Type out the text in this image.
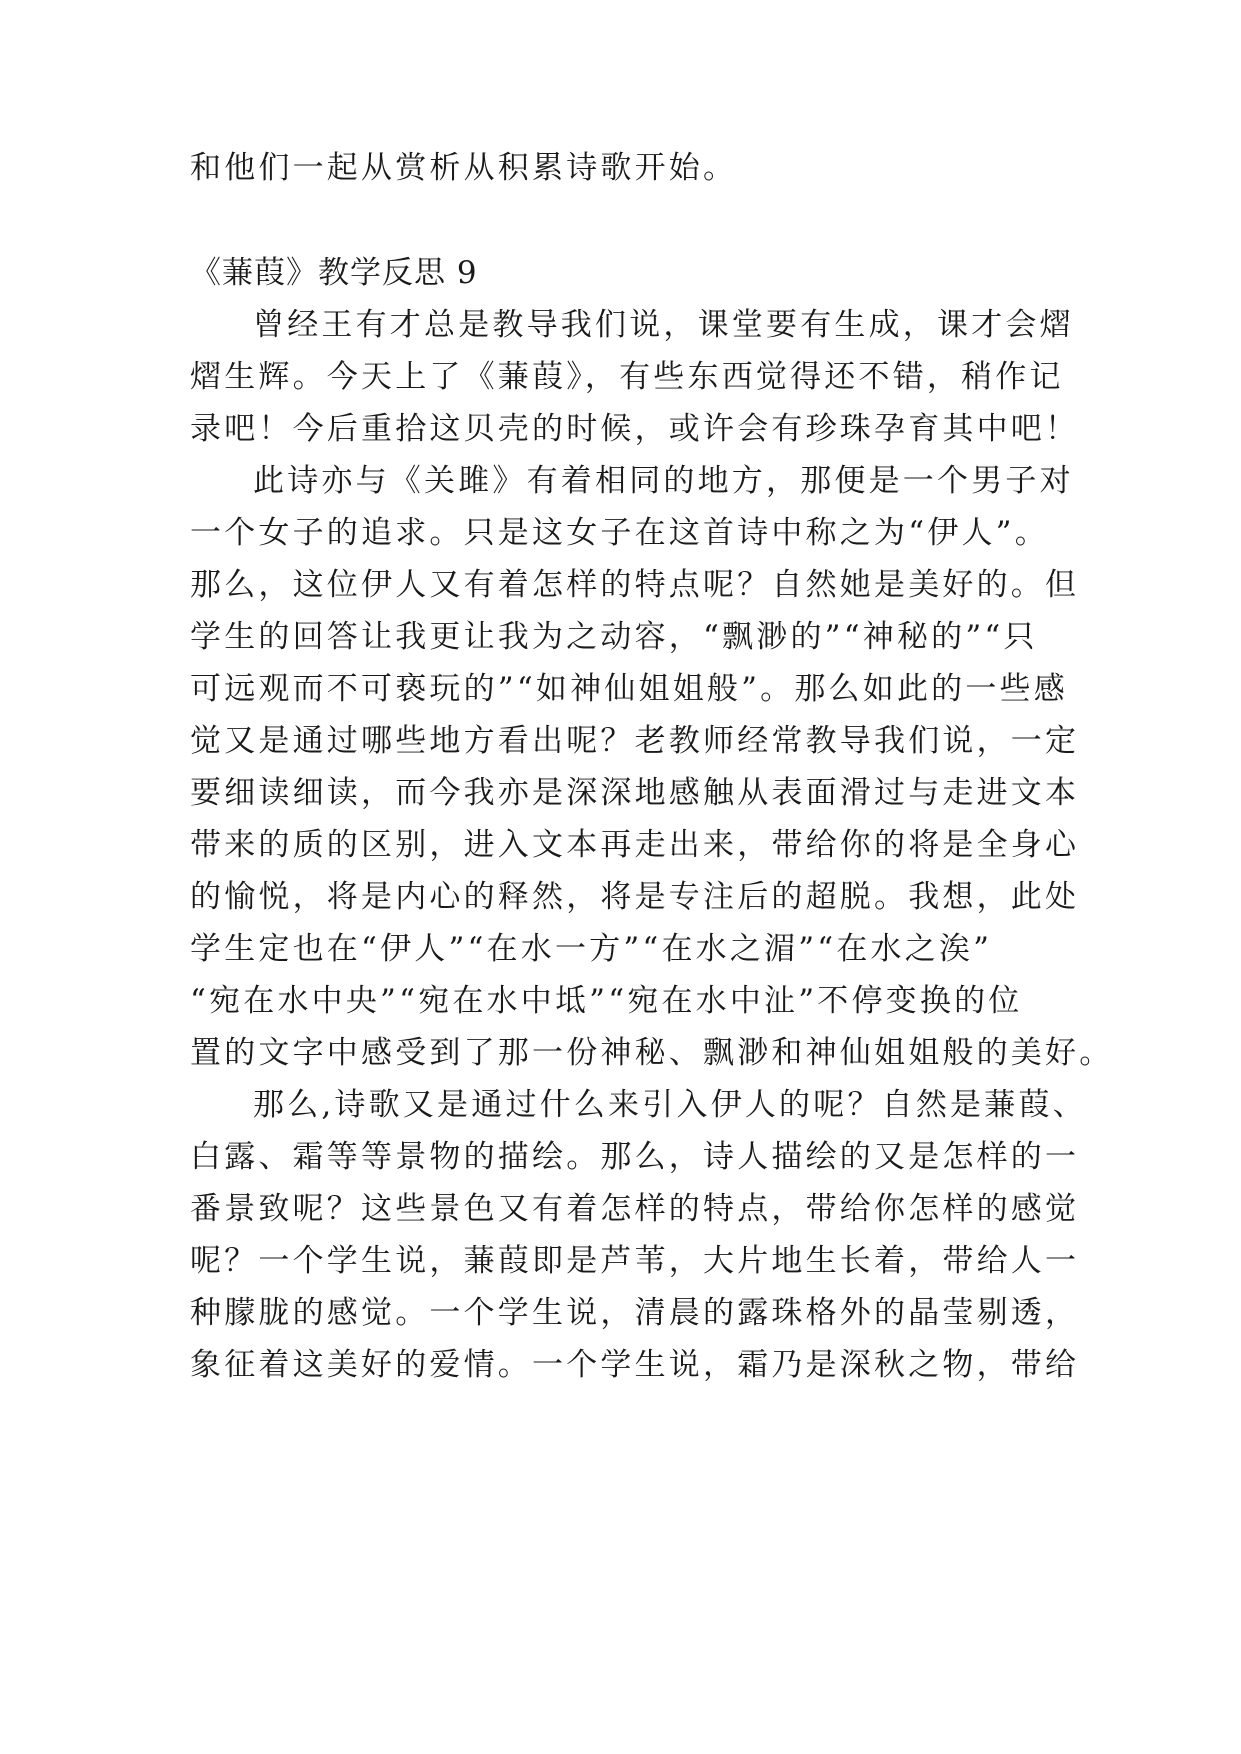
和他们一起从赏析从积累诗歌开始。
《蒹葭》教学反思 9
曾经王有才总是教导我们说，课堂要有生成，课才会熠
熠生辉。今天上了《蒹葭》，有些东西觉得还不错，稍作记
录吧！今后重拾这贝壳的时候，或许会有珍珠孕育其中吧！
此诗亦与《关雎》有着相同的地方，那便是一个男子对
一个女子的追求。只是这女子在这首诗中称之为“伊人”。
那么，这位伊人又有着怎样的特点呢？自然她是美好的。但
学生的回答让我更让我为之动容，“飘渺的”“神秘的”“只
可远观而不可亵玩的”“如神仙姐姐般”。那么如此的一些感
觉又是通过哪些地方看出呢？老教师经常教导我们说，一定
要细读细读，而今我亦是深深地感触从表面滑过与走进文本
带来的质的区别，进入文本再走出来，带给你的将是全身心
的愉悦，将是内心的释然，将是专注后的超脱。我想，此处
学生定也在“伊人”“在水一方”“在水之湄”“在水之涘”
“宛在水中央”“宛在水中坻”“宛在水中沚”不停变换的位
置的文字中感受到了那一份神秘、飘渺和神仙姐姐般的美好。
那么,诗歌又是通过什么来引入伊人的呢？自然是蒹葭、
白露、霜等等景物的描绘。那么，诗人描绘的又是怎样的一
番景致呢？这些景色又有着怎样的特点，带给你怎样的感觉
呢？一个学生说，蒹葭即是芦苇，大片地生长着，带给人一
种朦胧的感觉。一个学生说，清晨的露珠格外的晶莹剔透，
象征着这美好的爱情。一个学生说，霜乃是深秋之物，带给
